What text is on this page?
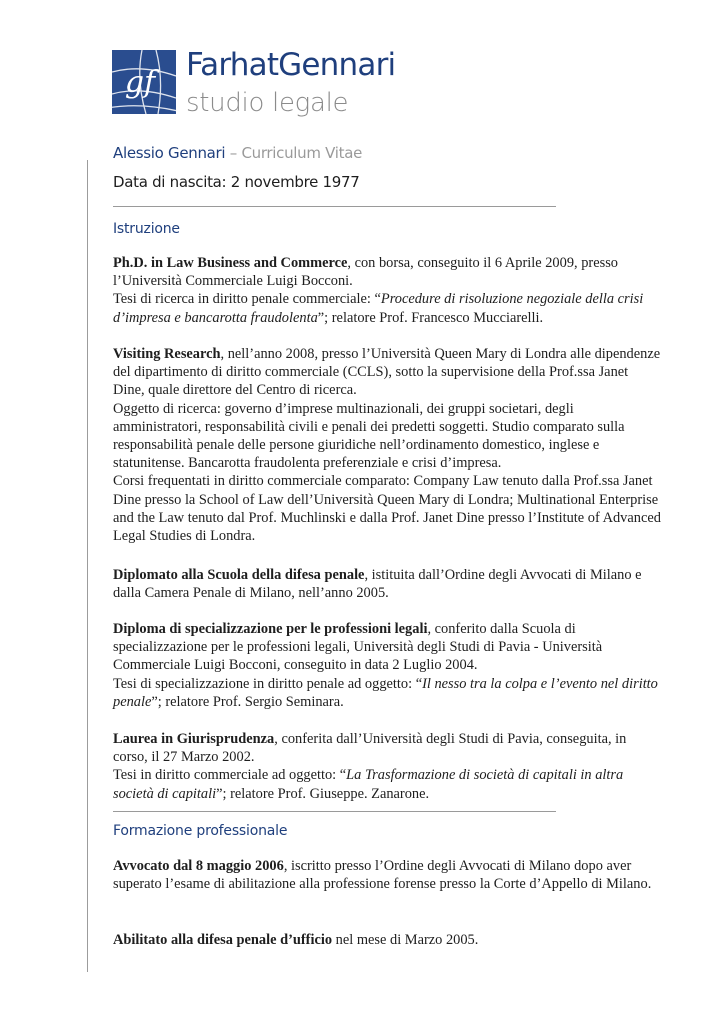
gf FarhatGennari
studio legale
Alessio Gennari – Curriculum Vitae
Data di nascita: 2 novembre 1977
Istruzione

Ph.D. in Law Business and Commerce, con borsa, conseguito il 6 Aprile 2009, presso l’Università Commerciale Luigi Bocconi.

Tesi di ricerca in diritto penale commerciale: “Procedure di risoluzione negoziale della crisi d’impresa e bancarotta fraudolenta”; relatore Prof. Francesco Mucciarelli.

Visiting Research, nell’anno 2008, presso l’Università Queen Mary di Londra alle dipendenze del dipartimento di diritto commerciale (CCLS), sotto la supervisione della Prof.ssa Janet Dine, quale direttore del Centro di ricerca.

Oggetto di ricerca: governo d’imprese multinazionali, dei gruppi societari, degli amministratori, responsabilità civili e penali dei predetti soggetti. Studio comparato sulla responsabilità penale delle persone giuridiche nell’ordinamento domestico, inglese e statunitense. Bancarotta fraudolenta preferenziale e crisi d’impresa.

Corsi frequentati in diritto commerciale comparato: Company Law tenuto dalla Prof.ssa Janet Dine presso la School of Law dell’Università Queen Mary di Londra; Multinational Enterprise and the Law tenuto dal Prof. Muchlinski e dalla Prof. Janet Dine presso l’Institute of Advanced Legal Studies di Londra.

Diplomato alla Scuola della difesa penale, istituita dall’Ordine degli Avvocati di Milano e dalla Camera Penale di Milano, nell’anno 2005.

Diploma di specializzazione per le professioni legali, conferito dalla Scuola di specializzazione per le professioni legali, Università degli Studi di Pavia - Università Commerciale Luigi Bocconi, conseguito in data 2 Luglio 2004.

Tesi di specializzazione in diritto penale ad oggetto: “Il nesso tra la colpa e l’evento nel diritto penale”; relatore Prof. Sergio Seminara.

Laurea in Giurisprudenza, conferita dall’Università degli Studi di Pavia, conseguita, in corso, il 27 Marzo 2002.

Tesi in diritto commerciale ad oggetto: “La Trasformazione di società di capitali in altra società di capitali”; relatore Prof. Giuseppe. Zanarone.

Formazione professionale

Avvocato dal 8 maggio 2006, iscritto presso l’Ordine degli Avvocati di Milano dopo aver superato l’esame di abilitazione alla professione forense presso la Corte d’Appello di Milano.

Abilitato alla difesa penale d’ufficio nel mese di Marzo 2005.
